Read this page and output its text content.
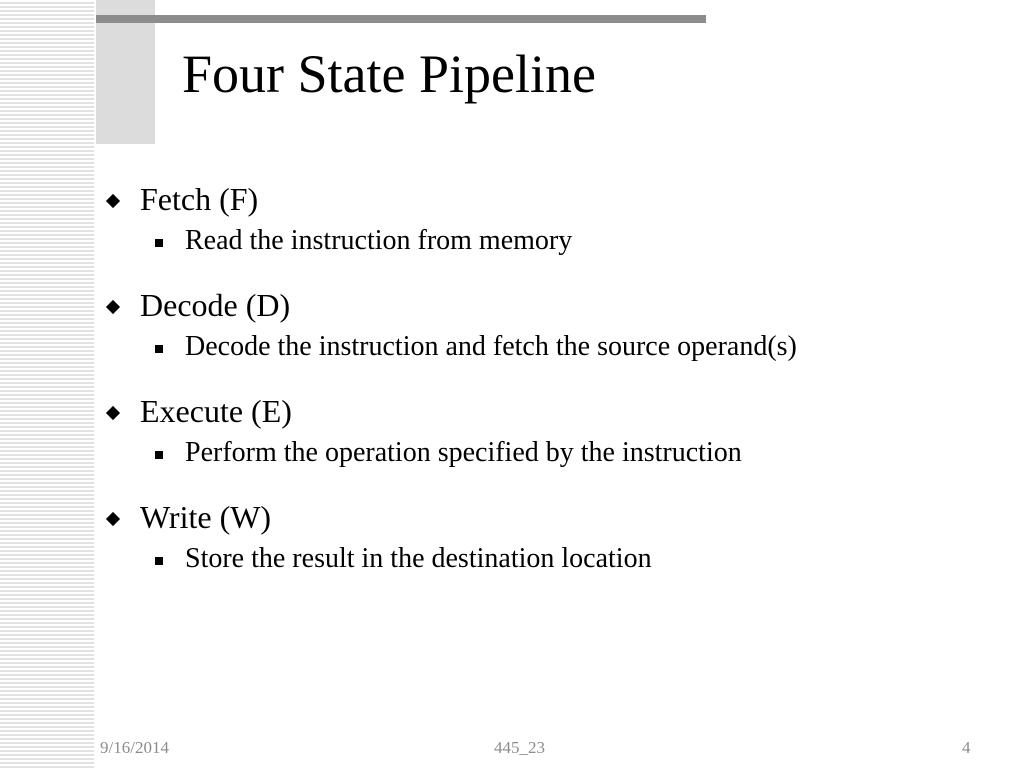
Four State Pipeline
Fetch (F)
Read the instruction from memory
Decode (D)
Decode the instruction and fetch the source operand(s)
Execute (E)
Perform the operation specified by the instruction
Write (W)
Store the result in the destination location
9/16/2014	445_23	4
